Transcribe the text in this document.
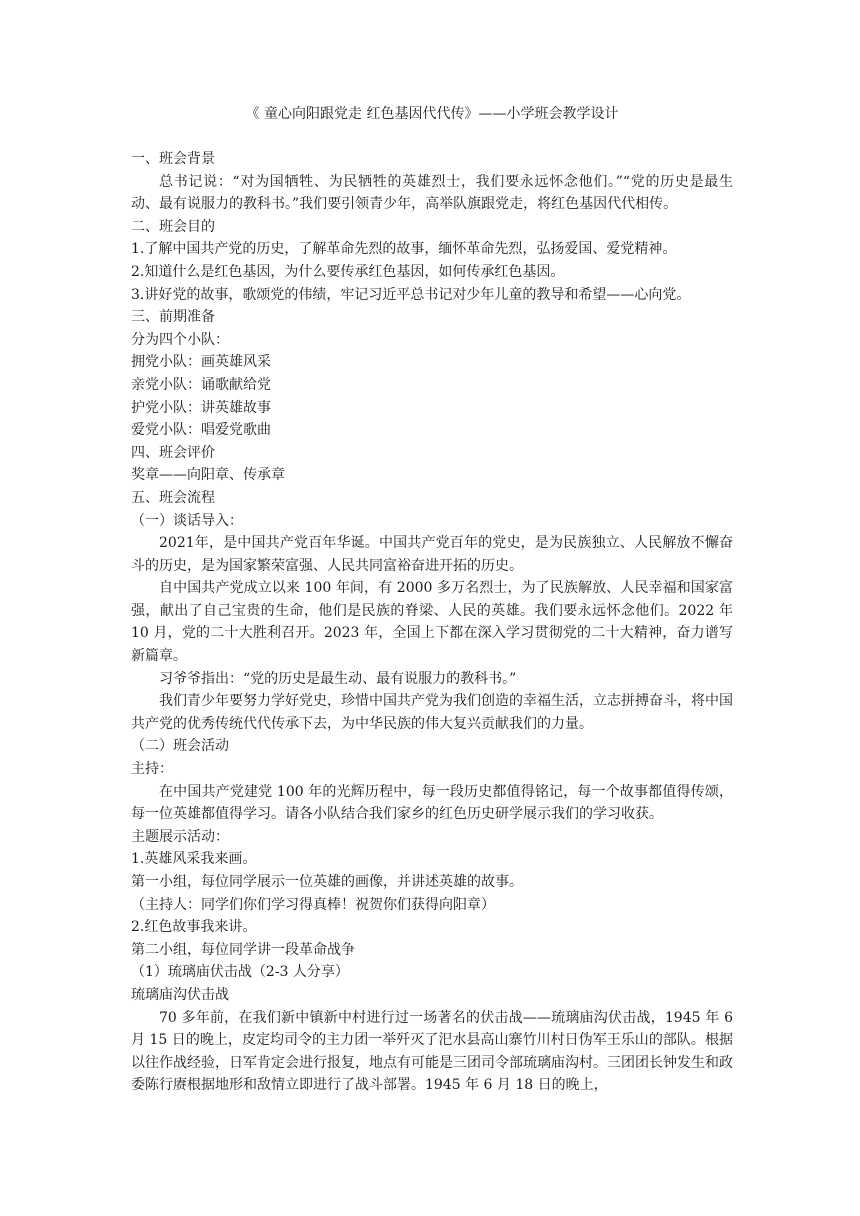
《 童心向阳跟党走 红色基因代代传》——小学班会教学设计

一、班会背景

总书记说：“对为国牺牲、为民牺牲的英雄烈士，我们要永远怀念他们。”“党的历史是最生动、最有说服力的教科书。”我们要引领青少年，高举队旗跟党走，将红色基因代代相传。

二、班会目的

1.了解中国共产党的历史，了解革命先烈的故事，缅怀革命先烈，弘扬爱国、爱党精神。

2.知道什么是红色基因，为什么要传承红色基因，如何传承红色基因。

3.讲好党的故事，歌颂党的伟绩，牢记习近平总书记对少年儿童的教导和希望——心向党。

三、前期准备

分为四个小队：

拥党小队：画英雄风采

亲党小队：诵歌献给党

护党小队：讲英雄故事

爱党小队：唱爱党歌曲

四、班会评价

奖章——向阳章、传承章

五、班会流程

（一）谈话导入：

2021年，是中国共产党百年华诞。中国共产党百年的党史，是为民族独立、人民解放不懈奋斗的历史，是为国家繁荣富强、人民共同富裕奋进开拓的历史。

自中国共产党成立以来 100 年间，有 2000 多万名烈士，为了民族解放、人民幸福和国家富强，献出了自己宝贵的生命，他们是民族的脊梁、人民的英雄。我们要永远怀念他们。2022 年 10 月，党的二十大胜利召开。2023 年，全国上下都在深入学习贯彻党的二十大精神，奋力谱写新篇章。

习爷爷指出：“党的历史是最生动、最有说服力的教科书。”

我们青少年要努力学好党史，珍惜中国共产党为我们创造的幸福生活，立志拼搏奋斗，将中国共产党的优秀传统代代传承下去，为中华民族的伟大复兴贡献我们的力量。

（二）班会活动

主持：

在中国共产党建党 100 年的光辉历程中，每一段历史都值得铭记，每一个故事都值得传颂，每一位英雄都值得学习。请各小队结合我们家乡的红色历史研学展示我们的学习收获。

主题展示活动：

1.英雄风采我来画。

第一小组，每位同学展示一位英雄的画像，并讲述英雄的故事。

（主持人：同学们你们学习得真棒！祝贺你们获得向阳章）

2.红色故事我来讲。

第二小组，每位同学讲一段革命战争

（1）琉璃庙伏击战（2-3 人分享）

琉璃庙沟伏击战

70 多年前，在我们新中镇新中村进行过一场著名的伏击战——琉璃庙沟伏击战，1945 年 6 月 15 日的晚上，皮定均司令的主力团一举歼灭了汜水县高山寨竹川村日伪军王乐山的部队。根据以往作战经验，日军肯定会进行报复，地点有可能是三团司令部琉璃庙沟村。三团团长钟发生和政委陈行赓根据地形和敌情立即进行了战斗部署。1945 年 6 月 18 日的晚上，
